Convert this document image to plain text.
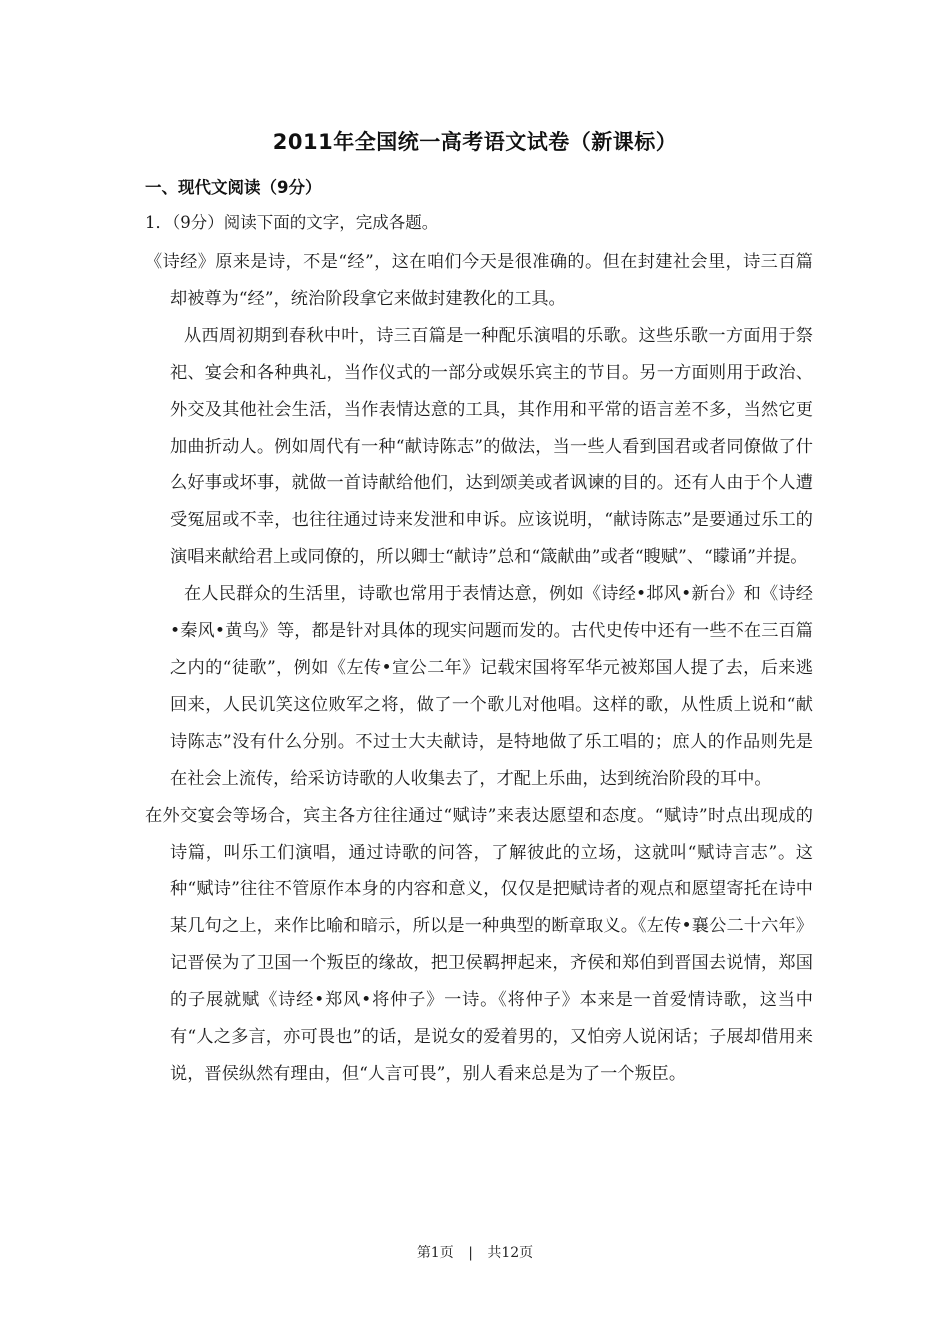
2011年全国统一高考语文试卷（新课标）
一、现代文阅读（9分）
1．（9分）阅读下面的文字，完成各题。

《诗经》原来是诗，不是“经”，这在咱们今天是很准确的。但在封建社会里，诗三百篇却被尊为“经”，统治阶段拿它来做封建教化的工具。

从西周初期到春秋中叶，诗三百篇是一种配乐演唱的乐歌。这些乐歌一方面用于祭祀、宴会和各种典礼，当作仪式的一部分或娱乐宾主的节目。另一方面则用于政治、外交及其他社会生活，当作表情达意的工具，其作用和平常的语言差不多，当然它更加曲折动人。例如周代有一种“献诗陈志”的做法，当一些人看到国君或者同僚做了什么好事或坏事，就做一首诗献给他们，达到颂美或者讽谏的目的。还有人由于个人遭受冤屈或不幸，也往往通过诗来发泄和申诉。应该说明，“献诗陈志”是要通过乐工的演唱来献给君上或同僚的，所以卿士“献诗”总和“箴献曲”或者“瞍赋”、“矇诵”并提。

在人民群众的生活里，诗歌也常用于表情达意，例如《诗经•邶风•新台》和《诗经•秦风•黄鸟》等，都是针对具体的现实问题而发的。古代史传中还有一些不在三百篇之内的“徒歌”，例如《左传•宣公二年》记载宋国将军华元被郑国人提了去，后来逃回来，人民讥笑这位败军之将，做了一个歌儿对他唱。这样的歌，从性质上说和“献诗陈志”没有什么分别。不过士大夫献诗，是特地做了乐工唱的；庶人的作品则先是在社会上流传，给采访诗歌的人收集去了，才配上乐曲，达到统治阶段的耳中。

在外交宴会等场合，宾主各方往往通过“赋诗”来表达愿望和态度。“赋诗”时点出现成的诗篇，叫乐工们演唱，通过诗歌的问答，了解彼此的立场，这就叫“赋诗言志”。这种“赋诗”往往不管原作本身的内容和意义，仅仅是把赋诗者的观点和愿望寄托在诗中某几句之上，来作比喻和暗示，所以是一种典型的断章取义。《左传•襄公二十六年》记晋侯为了卫国一个叛臣的缘故，把卫侯羁押起来，齐侯和郑伯到晋国去说情，郑国的子展就赋《诗经•郑风•将仲子》一诗。《将仲子》本来是一首爱情诗歌，这当中有“人之多言，亦可畏也”的话，是说女的爱着男的，又怕旁人说闲话；子展却借用来说，晋侯纵然有理由，但“人言可畏”，别人看来总是为了一个叛臣。

第1页 | 共12页
